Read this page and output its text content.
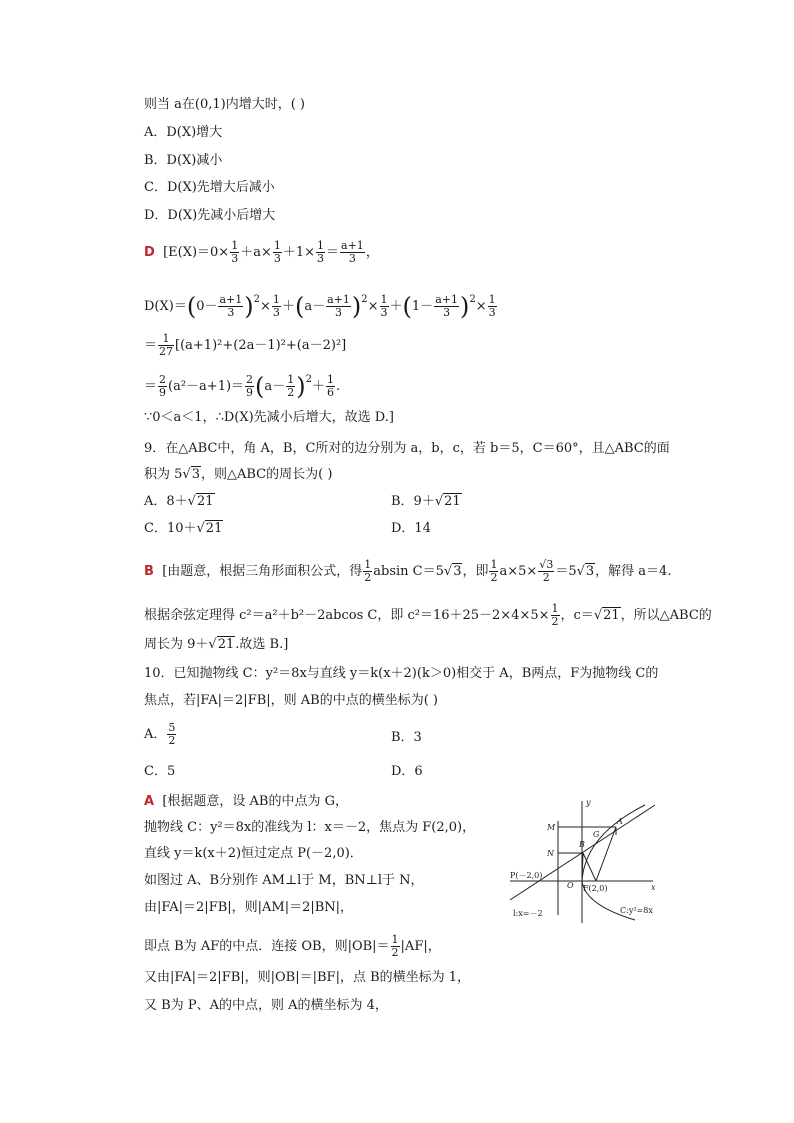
则当 a在(0,1)内增大时，( )
A．D(X)增大
B．D(X)减小
C．D(X)先增大后减小
D．D(X)先减小后增大
D [$E(X)=0\times \frac{1}{3} +a\times \frac{1}{3} +1\times \frac{1}{3} = \frac{a+1}{3}$ ，
$D(X)=(0- \frac{a+1}{3} )^2\times \frac{1}{3} +(a- \frac{a+1}{3} )^2\times \frac{1}{3} +(1- \frac{a+1}{3} )^2\times \frac{1}{3}$
＝ $\frac{1}{27} [(a+1)^2+(2a-1)^2+(a-2)^2]$
＝ $\frac{2}{9} (a^2-a+1)= \frac{2}{9} (a- \frac{1}{2} )^2+ \frac{1}{6}$ .
∵0＜a＜1，∴D(X)先减小后增大，故选 D.]
9．在△ABC中，角 A，B，C所对的边分别为 a，b，c，若 b＝5，C＝60°，且△ABC的面
积为 5√3，则△ABC的周长为( )
A．8＋√21	B．9＋√21
C．10＋√21	D．14
B [由题意，根据三角形面积公式，得 $\frac{1}{2}$ absin C＝5√3，即 $\frac{1}{2} a\times 5\times \frac{√3}{2} =5√3$，解得 a＝4.
根据余弦定理得 c²＝a²＋b²－2abcos C，即 $c^2=16+25-2\times 4\times 5\times \frac{1}{2}$ ，c＝√21，所以△ABC的
周长为 9＋√21.故选 B.]
10．已知抛物线 C：y²＝8x与直线 y＝k(x＋2)(k＞0)相交于 A，B两点，F为抛物线 C的
焦点，若|FA|＝2|FB|，则 AB的中点的横坐标为( )
A． $\frac{5}{2}$	B．3
C．5	D．6
A [根据题意，设 AB的中点为 G，
抛物线 C：y²＝8x的准线为 l：x＝－2，焦点为 F(2,0)，
直线 y＝k(x＋2)恒过定点 P(－2,0)．
如图过 A、B分别作 AM⊥l于 M，BN⊥l于 N，
由|FA|＝2|FB|，则|AM|＝2|BN|，
即点 B为 AF的中点．连接 OB，则$|OB|= \frac{1}{2} |AF|$，
又由|FA|＝2|FB|，则|OB|＝|BF|，点 B的横坐标为 1，
又 B为 P、A的中点，则 A的横坐标为 4，
y
x
M
N
A
G
B
O
P(－2,0)
F(2,0)
l:x=－2	C:y²=8x
